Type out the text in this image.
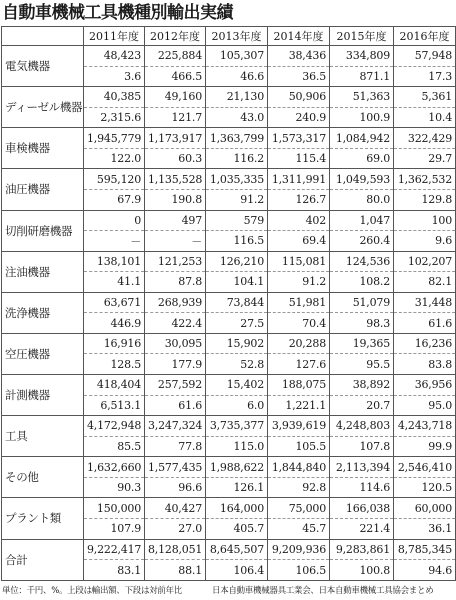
自動車機械工具機種別輸出実績
	2011年度	2012年度	2013年度	2014年度	2015年度	2016年度
電気機器	48,423	225,884	105,307	38,436	334,809	57,948
	3.6	466.5	46.6	36.5	871.1	17.3
ディーゼル機器	40,385	49,160	21,130	50,906	51,363	5,361
	2,315.6	121.7	43.0	240.9	100.9	10.4
車検機器	1,945,779	1,173,917	1,363,799	1,573,317	1,084,942	322,429
	122.0	60.3	116.2	115.4	69.0	29.7
油圧機器	595,120	1,135,528	1,035,335	1,311,991	1,049,593	1,362,532
	67.9	190.8	91.2	126.7	80.0	129.8
切削研磨機器	0	497	579	402	1,047	100
	－	－	116.5	69.4	260.4	9.6
注油機器	138,101	121,253	126,210	115,081	124,536	102,207
	41.1	87.8	104.1	91.2	108.2	82.1
洗浄機器	63,671	268,939	73,844	51,981	51,079	31,448
	446.9	422.4	27.5	70.4	98.3	61.6
空圧機器	16,916	30,095	15,902	20,288	19,365	16,236
	128.5	177.9	52.8	127.6	95.5	83.8
計測機器	418,404	257,592	15,402	188,075	38,892	36,956
	6,513.1	61.6	6.0	1,221.1	20.7	95.0
工具	4,172,948	3,247,324	3,735,377	3,939,619	4,248,803	4,243,718
	85.5	77.8	115.0	105.5	107.8	99.9
その他	1,632,660	1,577,435	1,988,622	1,844,840	2,113,394	2,546,410
	90.3	96.6	126.1	92.8	114.6	120.5
プラント類	150,000	40,427	164,000	75,000	166,038	60,000
	107.9	27.0	405.7	45.7	221.4	36.1
合計	9,222,417	8,128,051	8,645,507	9,209,936	9,283,861	8,785,345
	83.1	88.1	106.4	106.5	100.8	94.6
単位：千円、%。上段は輸出額、下段は対前年比	日本自動車機械器具工業会、日本自動車機械工具協会まとめ
